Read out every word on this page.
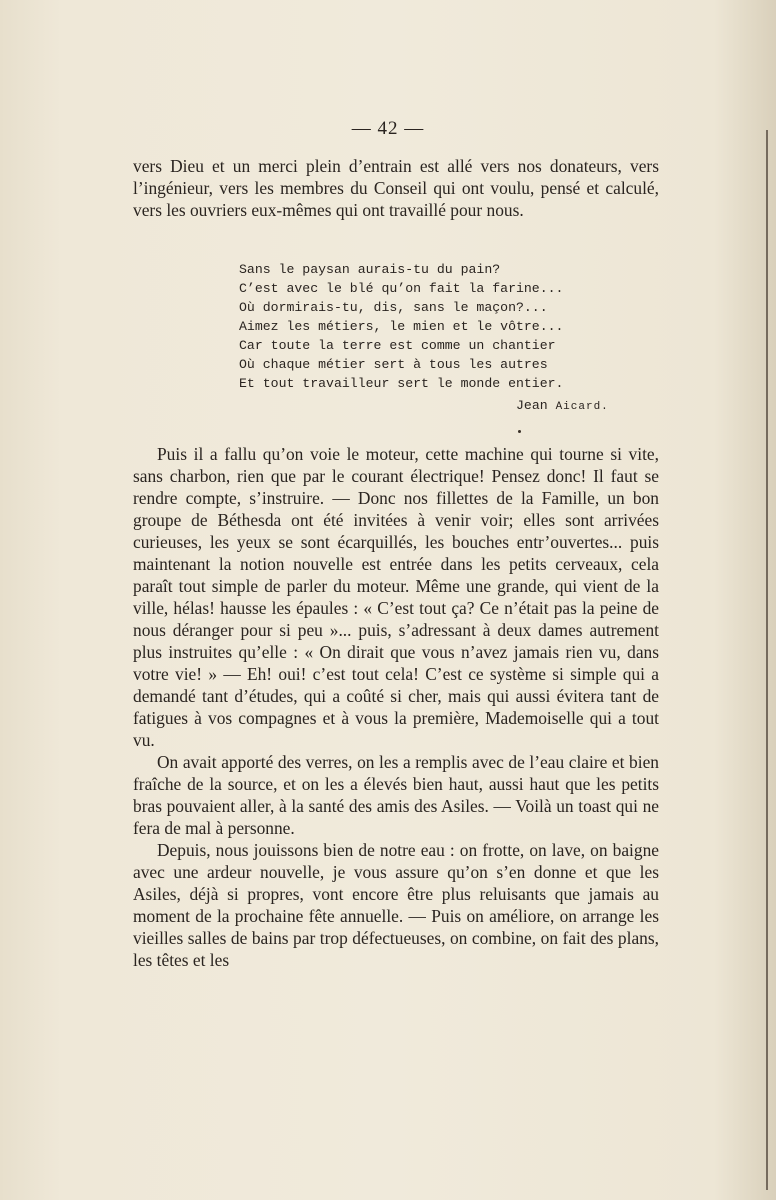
— 42 —

vers Dieu et un merci plein d’entrain est allé vers nos donateurs, vers l’ingénieur, vers les membres du Conseil qui ont voulu, pensé et calculé, vers les ouvriers eux-mêmes qui ont travaillé pour nous.

Sans le paysan aurais-tu du pain?
C’est avec le blé qu’on fait la farine...
Où dormirais-tu, dis, sans le maçon?...
Aimez les métiers, le mien et le vôtre...
Car toute la terre est comme un chantier
Où chaque métier sert à tous les autres
Et tout travailleur sert le monde entier.
Jean Aicard.

Puis il a fallu qu’on voie le moteur, cette machine qui tourne si vite, sans charbon, rien que par le courant électrique! Pensez donc! Il faut se rendre compte, s’instruire. — Donc nos fillettes de la Famille, un bon groupe de Béthesda ont été invitées à venir voir; elles sont arrivées curieuses, les yeux se sont écarquillés, les bouches entr’ouvertes... puis maintenant la notion nouvelle est entrée dans les petits cerveaux, cela paraît tout simple de parler du moteur. Même une grande, qui vient de la ville, hélas! hausse les épaules : « C’est tout ça? Ce n’était pas la peine de nous déranger pour si peu »... puis, s’adressant à deux dames autrement plus instruites qu’elle : « On dirait que vous n’avez jamais rien vu, dans votre vie! » — Eh! oui! c’est tout cela! C’est ce système si simple qui a demandé tant d’études, qui a coûté si cher, mais qui aussi évitera tant de fatigues à vos compagnes et à vous la première, Mademoiselle qui a tout vu.

On avait apporté des verres, on les a remplis avec de l’eau claire et bien fraîche de la source, et on les a élevés bien haut, aussi haut que les petits bras pouvaient aller, à la santé des amis des Asiles. — Voilà un toast qui ne fera de mal à personne.

Depuis, nous jouissons bien de notre eau : on frotte, on lave, on baigne avec une ardeur nouvelle, je vous assure qu’on s’en donne et que les Asiles, déjà si propres, vont encore être plus reluisants que jamais au moment de la prochaine fête annuelle. — Puis on améliore, on arrange les vieilles salles de bains par trop défectueuses, on combine, on fait des plans, les têtes et les
